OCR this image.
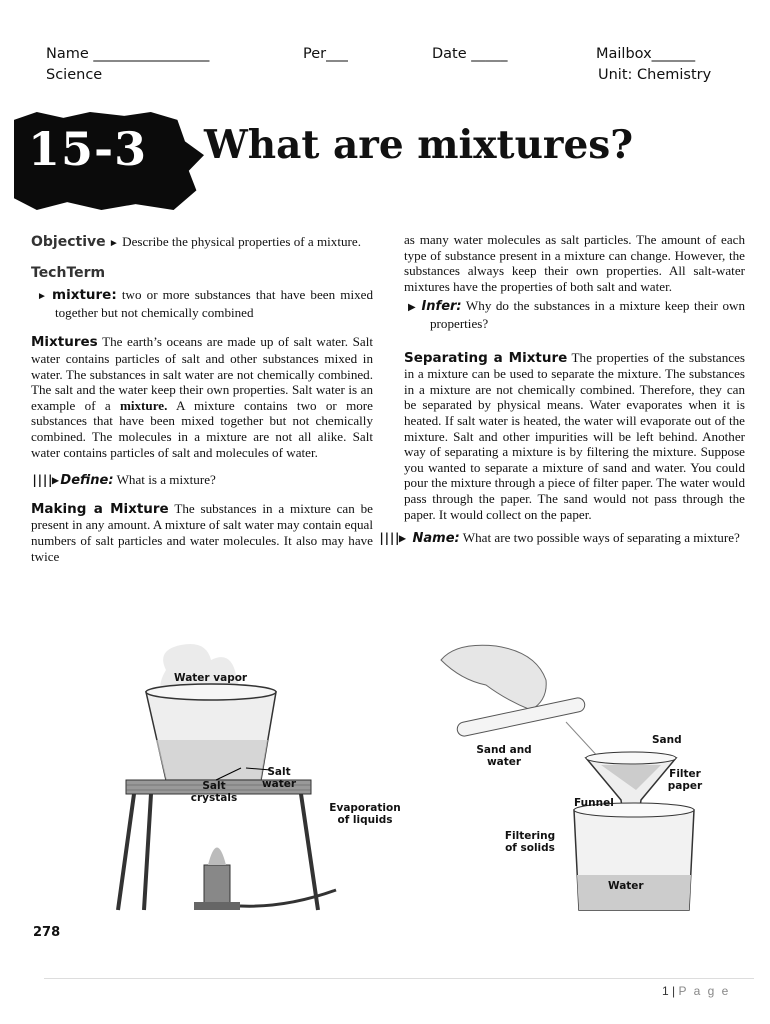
Name ________________	Per___	Date _____	Mailbox______
Science	Unit: Chemistry
15-3 What are mixtures?

Objective ► Describe the physical properties of a mixture.

TechTerm

► mixture: two or more substances that have been mixed together but not chemically combined

Mixtures The earth’s oceans are made up of salt water. Salt water contains particles of salt and other substances mixed in water. The substances in salt water are not chemically combined. The salt and the water keep their own properties. Salt water is an example of a mixture. A mixture contains two or more substances that have been mixed together but not chemically combined. The molecules in a mixture are not all alike. Salt water contains particles of salt and molecules of water.

||||▶ Define: What is a mixture?

Making a Mixture The substances in a mixture can be present in any amount. A mixture of salt water may contain equal numbers of salt particles and water molecules. It also may have twice

as many water molecules as salt particles. The amount of each type of substance present in a mixture can change. However, the substances always keep their own properties. All salt-water mixtures have the properties of both salt and water.

▶ Infer: Why do the substances in a mixture keep their own properties?

Separating a Mixture The properties of the substances in a mixture can be used to separate the mixture. The substances in a mixture are not chemically combined. Therefore, they can be separated by physical means. Water evaporates when it is heated. If salt water is heated, the water will evaporate out of the mixture. Salt and other impurities will be left behind. Another way of separating a mixture is by filtering the mixture. Suppose you wanted to separate a mixture of sand and water. You could pour the mixture through a piece of filter paper. The water would pass through the paper. The sand would not pass through the paper. It would collect on the paper.

||||▶ Name: What are two possible ways of separating a mixture?

Water vapor
Salt crystals
Salt water
Evaporation of liquids
Sand and water
Sand
Filter paper
Funnel
Filtering of solids
Water
278
1 | P a g e
